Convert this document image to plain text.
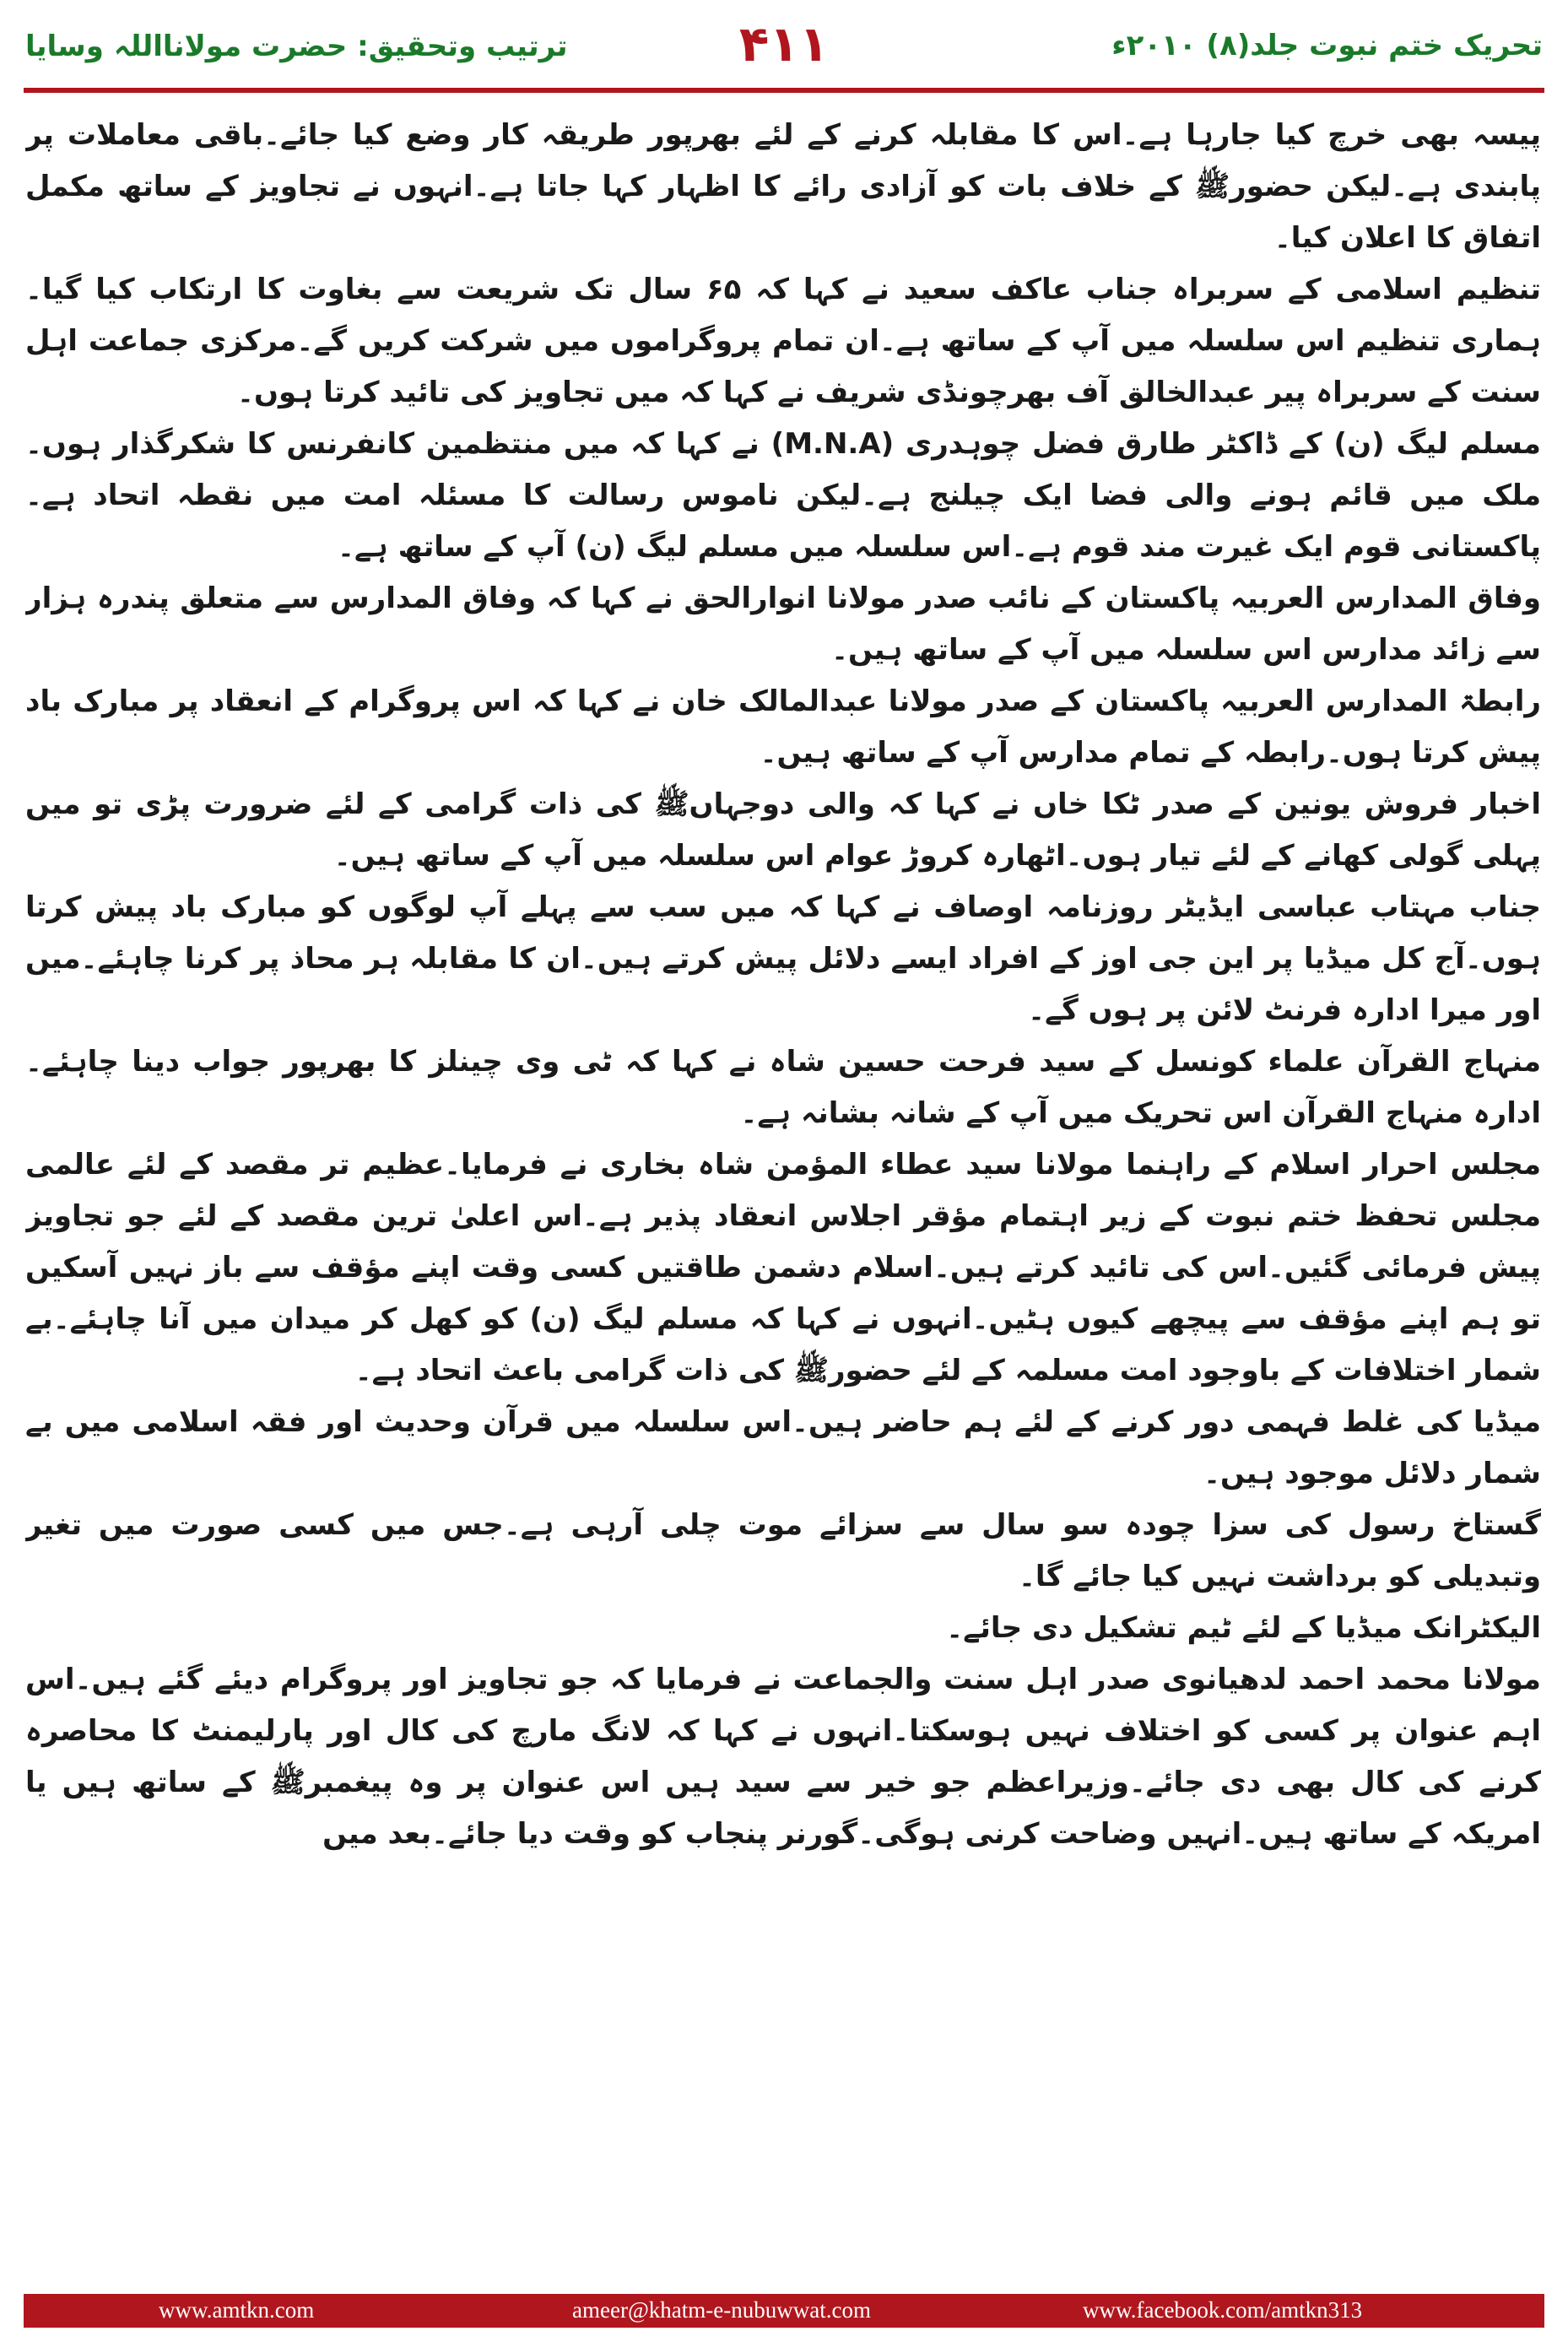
ترتیب وتحقیق: حضرت مولانااللہ وسایا	۴۱۱	تحریک ختم نبوت جلد(۸) ۲۰۱۰ء

پیسہ بھی خرچ کیا جارہا ہے۔اس کا مقابلہ کرنے کے لئے بھرپور طریقہ کار وضع کیا جائے۔باقی معاملات پر پابندی ہے۔لیکن حضورﷺ کے خلاف بات کو آزادی رائے کا اظہار کہا جاتا ہے۔انہوں نے تجاویز کے ساتھ مکمل اتفاق کا اعلان کیا۔

تنظیم اسلامی کے سربراہ جناب عاکف سعید نے کہا کہ ۶۵ سال تک شریعت سے بغاوت کا ارتکاب کیا گیا۔ہماری تنظیم اس سلسلہ میں آپ کے ساتھ ہے۔ان تمام پروگراموں میں شرکت کریں گے۔مرکزی جماعت اہل سنت کے سربراہ پیر عبدالخالق آف بھرچونڈی شریف نے کہا کہ میں تجاویز کی تائید کرتا ہوں۔

مسلم لیگ (ن) کے ڈاکٹر طارق فضل چوہدری (M.N.A) نے کہا کہ میں منتظمین کانفرنس کا شکرگذار ہوں۔ملک میں قائم ہونے والی فضا ایک چیلنج ہے۔لیکن ناموس رسالت کا مسئلہ امت میں نقطہ اتحاد ہے۔پاکستانی قوم ایک غیرت مند قوم ہے۔اس سلسلہ میں مسلم لیگ (ن) آپ کے ساتھ ہے۔

وفاق المدارس العربیہ پاکستان کے نائب صدر مولانا انوارالحق نے کہا کہ وفاق المدارس سے متعلق پندرہ ہزار سے زائد مدارس اس سلسلہ میں آپ کے ساتھ ہیں۔

رابطۃ المدارس العربیہ پاکستان کے صدر مولانا عبدالمالک خان نے کہا کہ اس پروگرام کے انعقاد پر مبارک باد پیش کرتا ہوں۔رابطہ کے تمام مدارس آپ کے ساتھ ہیں۔

اخبار فروش یونین کے صدر ٹکا خاں نے کہا کہ والی دوجہاںﷺ کی ذات گرامی کے لئے ضرورت پڑی تو میں پہلی گولی کھانے کے لئے تیار ہوں۔اٹھارہ کروڑ عوام اس سلسلہ میں آپ کے ساتھ ہیں۔

جناب مہتاب عباسی ایڈیٹر روزنامہ اوصاف نے کہا کہ میں سب سے پہلے آپ لوگوں کو مبارک باد پیش کرتا ہوں۔آج کل میڈیا پر این جی اوز کے افراد ایسے دلائل پیش کرتے ہیں۔ان کا مقابلہ ہر محاذ پر کرنا چاہئے۔میں اور میرا ادارہ فرنٹ لائن پر ہوں گے۔

منہاج القرآن علماء کونسل کے سید فرحت حسین شاہ نے کہا کہ ٹی وی چینلز کا بھرپور جواب دینا چاہئے۔ادارہ منہاج القرآن اس تحریک میں آپ کے شانہ بشانہ ہے۔

مجلس احرار اسلام کے راہنما مولانا سید عطاء المؤمن شاہ بخاری نے فرمایا۔عظیم تر مقصد کے لئے عالمی مجلس تحفظ ختم نبوت کے زیر اہتمام مؤقر اجلاس انعقاد پذیر ہے۔اس اعلیٰ ترین مقصد کے لئے جو تجاویز پیش فرمائی گئیں۔اس کی تائید کرتے ہیں۔اسلام دشمن طاقتیں کسی وقت اپنے مؤقف سے باز نہیں آسکیں تو ہم اپنے مؤقف سے پیچھے کیوں ہٹیں۔انہوں نے کہا کہ مسلم لیگ (ن) کو کھل کر میدان میں آنا چاہئے۔بے شمار اختلافات کے باوجود امت مسلمہ کے لئے حضورﷺ کی ذات گرامی باعث اتحاد ہے۔

میڈیا کی غلط فہمی دور کرنے کے لئے ہم حاضر ہیں۔اس سلسلہ میں قرآن وحدیث اور فقہ اسلامی میں بے شمار دلائل موجود ہیں۔

گستاخ رسول کی سزا چودہ سو سال سے سزائے موت چلی آرہی ہے۔جس میں کسی صورت میں تغیر وتبدیلی کو برداشت نہیں کیا جائے گا۔

الیکٹرانک میڈیا کے لئے ٹیم تشکیل دی جائے۔

مولانا محمد احمد لدھیانوی صدر اہل سنت والجماعت نے فرمایا کہ جو تجاویز اور پروگرام دیئے گئے ہیں۔اس اہم عنوان پر کسی کو اختلاف نہیں ہوسکتا۔انہوں نے کہا کہ لانگ مارچ کی کال اور پارلیمنٹ کا محاصرہ کرنے کی کال بھی دی جائے۔وزیراعظم جو خیر سے سید ہیں اس عنوان پر وہ پیغمبرﷺ کے ساتھ ہیں یا امریکہ کے ساتھ ہیں۔انہیں وضاحت کرنی ہوگی۔گورنر پنجاب کو وقت دیا جائے۔بعد میں

www.amtkn.com	ameer@khatm-e-nubuwwat.com	www.facebook.com/amtkn313
